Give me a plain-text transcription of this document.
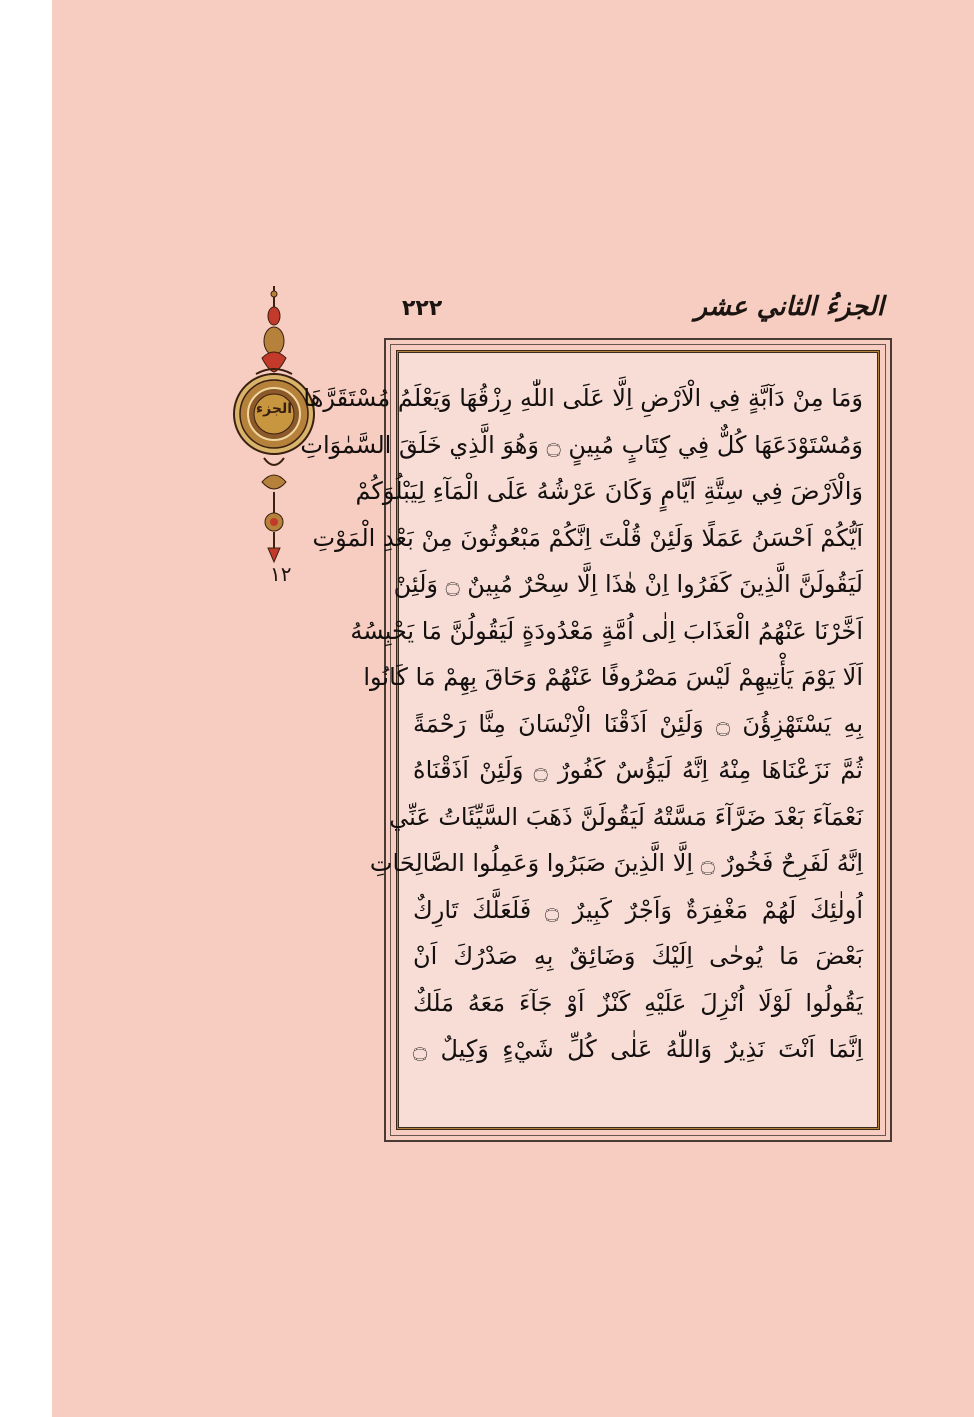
الجزء
١٢
الجزءُ الثاني عشر
٢٢٢
وَمَا مِنْ دَآبَّةٍ فِي الْاَرْضِ اِلَّا عَلَى اللّٰهِ رِزْقُهَا وَيَعْلَمُ مُسْتَقَرَّهَا
وَمُسْتَوْدَعَهَا كُلٌّ فِي كِتَابٍ مُبِينٍ ۝ وَهُوَ الَّذِي خَلَقَ السَّمٰوَاتِ
وَالْاَرْضَ فِي سِتَّةِ اَيَّامٍ وَكَانَ عَرْشُهُ عَلَى الْمَآءِ لِيَبْلُوَكُمْ
اَيُّكُمْ اَحْسَنُ عَمَلًا وَلَئِنْ قُلْتَ اِنَّكُمْ مَبْعُوثُونَ مِنْ بَعْدِ الْمَوْتِ
لَيَقُولَنَّ الَّذِينَ كَفَرُوا اِنْ هٰذَا اِلَّا سِحْرٌ مُبِينٌ ۝ وَلَئِنْ
اَخَّرْنَا عَنْهُمُ الْعَذَابَ اِلٰى اُمَّةٍ مَعْدُودَةٍ لَيَقُولُنَّ مَا يَحْبِسُهُ
اَلَا يَوْمَ يَأْتِيهِمْ لَيْسَ مَصْرُوفًا عَنْهُمْ وَحَاقَ بِهِمْ مَا كَانُوا
بِهِ يَسْتَهْزِؤُنَ ۝ وَلَئِنْ اَذَقْنَا الْاِنْسَانَ مِنَّا رَحْمَةً
ثُمَّ نَزَعْنَاهَا مِنْهُ اِنَّهُ لَيَؤُسٌ كَفُورٌ ۝ وَلَئِنْ اَذَقْنَاهُ
نَعْمَآءَ بَعْدَ ضَرَّآءَ مَسَّتْهُ لَيَقُولَنَّ ذَهَبَ السَّيِّئَاتُ عَنِّي
اِنَّهُ لَفَرِحٌ فَخُورٌ ۝ اِلَّا الَّذِينَ صَبَرُوا وَعَمِلُوا الصَّالِحَاتِ
اُولٰئِكَ لَهُمْ مَغْفِرَةٌ وَاَجْرٌ كَبِيرٌ ۝ فَلَعَلَّكَ تَارِكٌ
بَعْضَ مَا يُوحٰى اِلَيْكَ وَضَائِقٌ بِهِ صَدْرُكَ اَنْ
يَقُولُوا لَوْلَا اُنْزِلَ عَلَيْهِ كَنْزٌ اَوْ جَآءَ مَعَهُ مَلَكٌ
اِنَّمَا اَنْتَ نَذِيرٌ وَاللّٰهُ عَلٰى كُلِّ شَيْءٍ وَكِيلٌ ۝
